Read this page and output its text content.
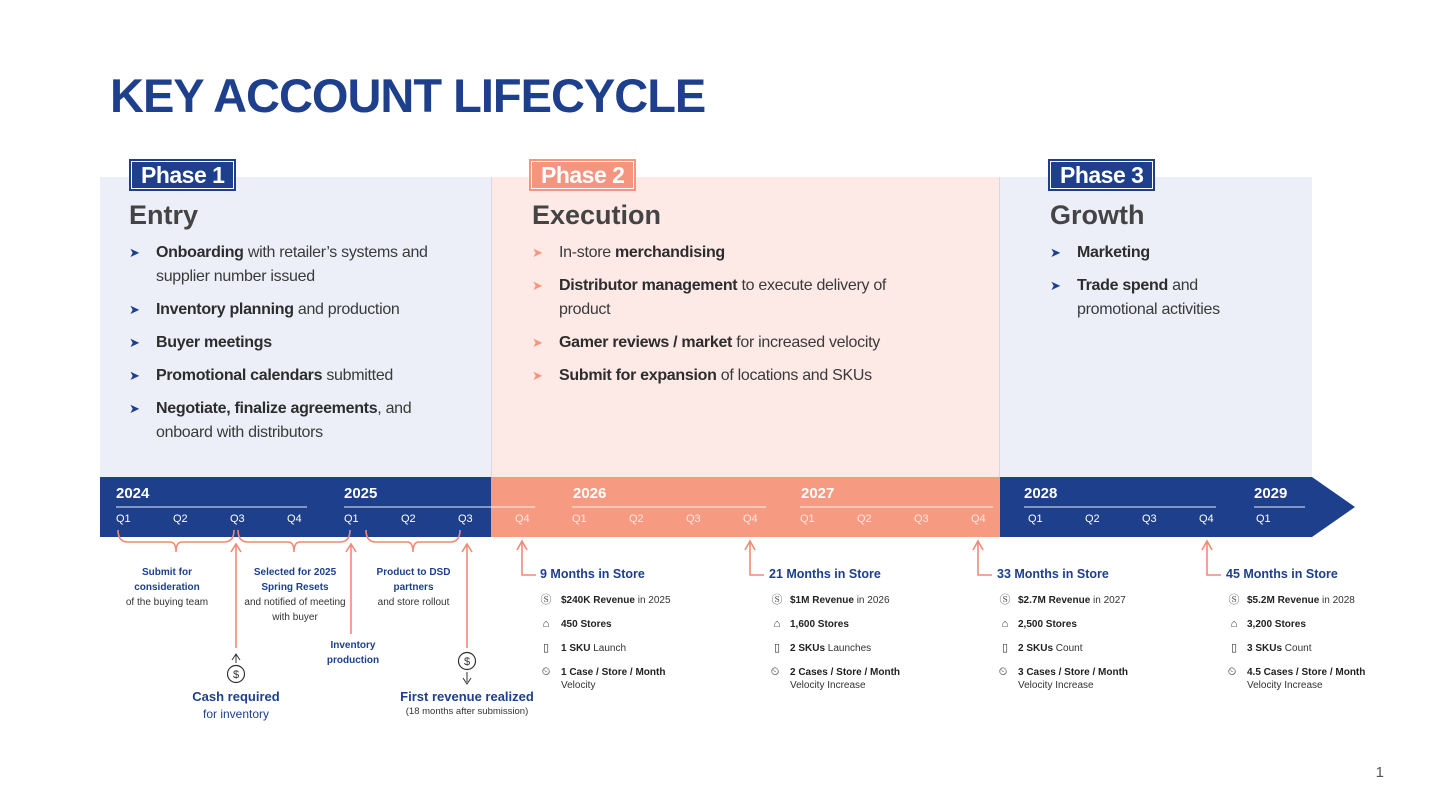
KEY ACCOUNT LIFECYCLE
Phase 1	Phase 2	Phase 3
Entry	Execution	Growth
➤ Onboarding with retailer’s systems and supplier number issued
➤ Inventory planning and production
➤ Buyer meetings
➤ Promotional calendars submitted
➤ Negotiate, finalize agreements, and onboard with distributors
➤ In-store merchandising
➤ Distributor management to execute delivery of product
➤ Gamer reviews / market for increased velocity
➤ Submit for expansion of locations and SKUs
➤ Marketing
➤ Trade spend and promotional activities
$
$
2024	2025	2026	2027	2028	2029
Q1	Q2	Q3	Q4	Q1	Q2	Q3	Q4	Q1	Q2	Q3	Q4	Q1	Q2	Q3	Q4	Q1	Q2	Q3	Q4	Q1
Submit for consideration
of the buying team
Selected for 2025 Spring Resets
and notified of meeting with buyer
Product to DSD partners
and store rollout
Inventory production
Cash required
for inventory
First revenue realized
(18 months after submission)
9 Months in Store
Ⓢ $240K Revenue in 2025
⌂	450 Stores
▯	1 SKU Launch
⏲ 1 Case / Store / Month
Velocity
21 Months in Store
Ⓢ $1M Revenue in 2026
⌂ 1,600 Stores
▯ 2 SKUs Launches
⏲ 2 Cases / Store / Month
Velocity Increase
33 Months in Store
Ⓢ $2.7M Revenue in 2027
⌂ 2,500 Stores
▯ 2 SKUs Count
⏲ 3 Cases / Store / Month
Velocity Increase
45 Months in Store
Ⓢ $5.2M Revenue in 2028
⌂ 3,200 Stores
▯ 3 SKUs Count
⏲ 4.5 Cases / Store / Month
Velocity Increase
1
